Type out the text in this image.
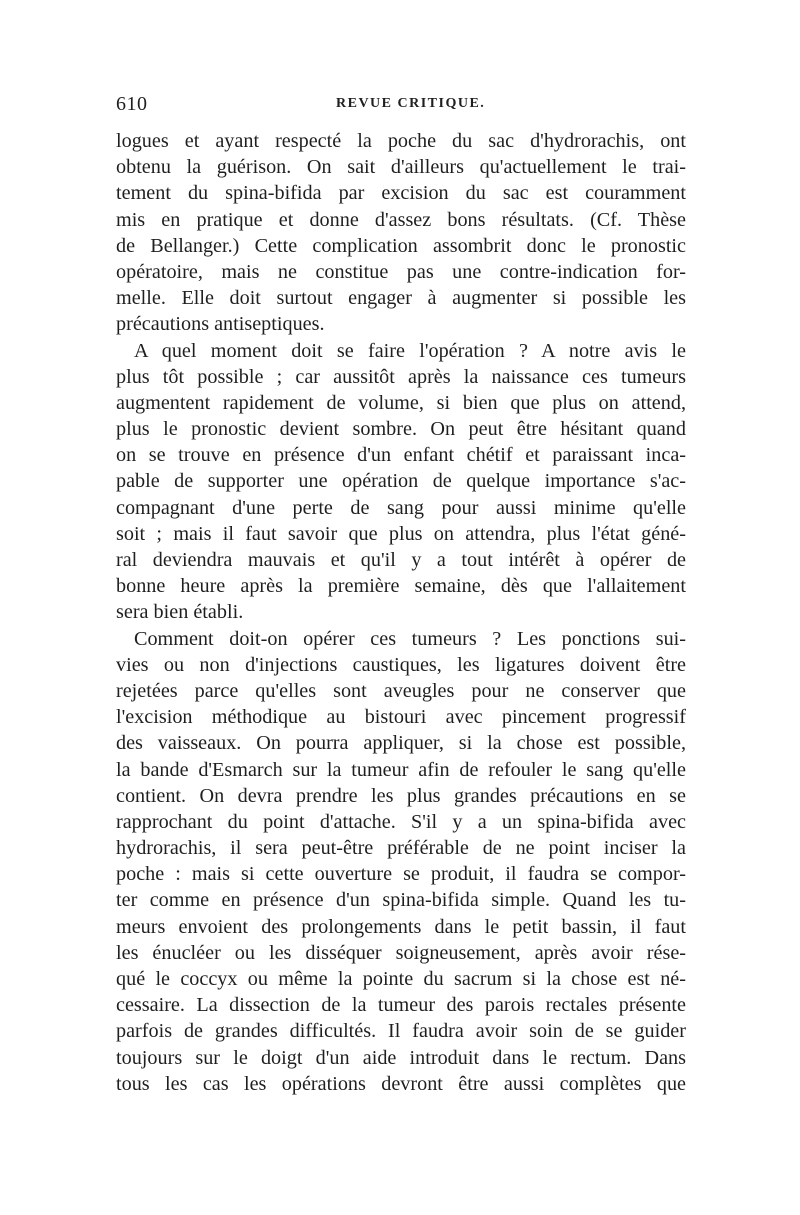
610	REVUE CRITIQUE.
logues et ayant respecté la poche du sac d'hydrorachis, ont
obtenu la guérison. On sait d'ailleurs qu'actuellement le trai-
tement du spina-bifida par excision du sac est couramment
mis en pratique et donne d'assez bons résultats. (Cf. Thèse
de Bellanger.) Cette complication assombrit donc le pronostic
opératoire, mais ne constitue pas une contre-indication for-
melle. Elle doit surtout engager à augmenter si possible les
précautions antiseptiques.
A quel moment doit se faire l'opération ? A notre avis le
plus tôt possible ; car aussitôt après la naissance ces tumeurs
augmentent rapidement de volume, si bien que plus on attend,
plus le pronostic devient sombre. On peut être hésitant quand
on se trouve en présence d'un enfant chétif et paraissant inca-
pable de supporter une opération de quelque importance s'ac-
compagnant d'une perte de sang pour aussi minime qu'elle
soit ; mais il faut savoir que plus on attendra, plus l'état géné-
ral deviendra mauvais et qu'il y a tout intérêt à opérer de
bonne heure après la première semaine, dès que l'allaitement
sera bien établi.
Comment doit-on opérer ces tumeurs ? Les ponctions sui-
vies ou non d'injections caustiques, les ligatures doivent être
rejetées parce qu'elles sont aveugles pour ne conserver que
l'excision méthodique au bistouri avec pincement progressif
des vaisseaux. On pourra appliquer, si la chose est possible,
la bande d'Esmarch sur la tumeur afin de refouler le sang qu'elle
contient. On devra prendre les plus grandes précautions en se
rapprochant du point d'attache. S'il y a un spina-bifida avec
hydrorachis, il sera peut-être préférable de ne point inciser la
poche : mais si cette ouverture se produit, il faudra se compor-
ter comme en présence d'un spina-bifida simple. Quand les tu-
meurs envoient des prolongements dans le petit bassin, il faut
les énucléer ou les disséquer soigneusement, après avoir rése-
qué le coccyx ou même la pointe du sacrum si la chose est né-
cessaire. La dissection de la tumeur des parois rectales présente
parfois de grandes difficultés. Il faudra avoir soin de se guider
toujours sur le doigt d'un aide introduit dans le rectum. Dans
tous les cas les opérations devront être aussi complètes que
